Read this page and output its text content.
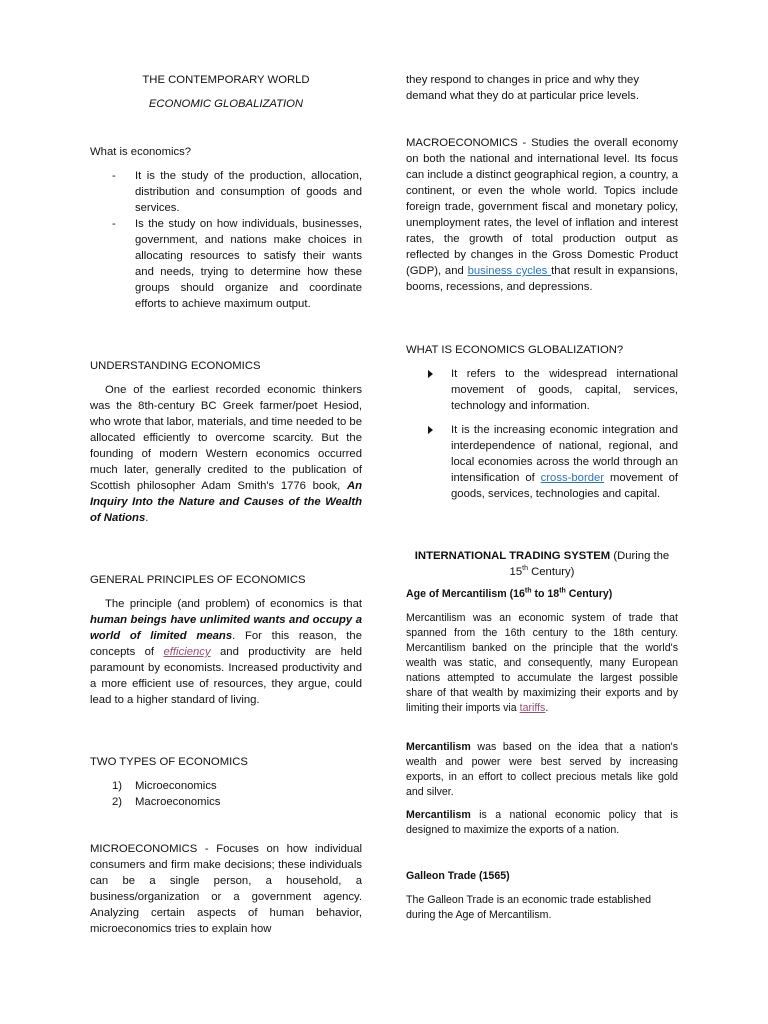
THE CONTEMPORARY WORLD
ECONOMIC GLOBALIZATION
What is economics?
- It is the study of the production, allocation, distribution and consumption of goods and services.
- Is the study on how individuals, businesses, government, and nations make choices in allocating resources to satisfy their wants and needs, trying to determine how these groups should organize and coordinate efforts to achieve maximum output.
UNDERSTANDING ECONOMICS

One of the earliest recorded economic thinkers was the 8th-century BC Greek farmer/poet Hesiod, who wrote that labor, materials, and time needed to be allocated efficiently to overcome scarcity. But the founding of modern Western economics occurred much later, generally credited to the publication of Scottish philosopher Adam Smith's 1776 book, An Inquiry Into the Nature and Causes of the Wealth of Nations.

GENERAL PRINCIPLES OF ECONOMICS

The principle (and problem) of economics is that human beings have unlimited wants and occupy a world of limited means. For this reason, the concepts of efficiency and productivity are held paramount by economists. Increased productivity and a more efficient use of resources, they argue, could lead to a higher standard of living.

TWO TYPES OF ECONOMICS
1) Microeconomics
2) Macroeconomics

MICROECONOMICS - Focuses on how individual consumers and firm make decisions; these individuals can be a single person, a household, a business/organization or a government agency. Analyzing certain aspects of human behavior, microeconomics tries to explain how

they respond to changes in price and why they demand what they do at particular price levels.

MACROECONOMICS - Studies the overall economy on both the national and international level. Its focus can include a distinct geographical region, a country, a continent, or even the whole world. Topics include foreign trade, government fiscal and monetary policy, unemployment rates, the level of inflation and interest rates, the growth of total production output as reflected by changes in the Gross Domestic Product (GDP), and business cycles that result in expansions, booms, recessions, and depressions.

WHAT IS ECONOMICS GLOBALIZATION?
It refers to the widespread international movement of goods, capital, services, technology and information.
It is the increasing economic integration and interdependence of national, regional, and local economies across the world through an intensification of cross-border movement of goods, services, technologies and capital.
INTERNATIONAL TRADING SYSTEM (During the
15th Century)
Age of Mercantilism (16th to 18th Century)

Mercantilism was an economic system of trade that spanned from the 16th century to the 18th century. Mercantilism banked on the principle that the world's wealth was static, and consequently, many European nations attempted to accumulate the largest possible share of that wealth by maximizing their exports and by limiting their imports via tariffs.

Mercantilism was based on the idea that a nation's wealth and power were best served by increasing exports, in an effort to collect precious metals like gold and silver.

Mercantilism is a national economic policy that is designed to maximize the exports of a nation.

Galleon Trade (1565)

The Galleon Trade is an economic trade established during the Age of Mercantilism.
